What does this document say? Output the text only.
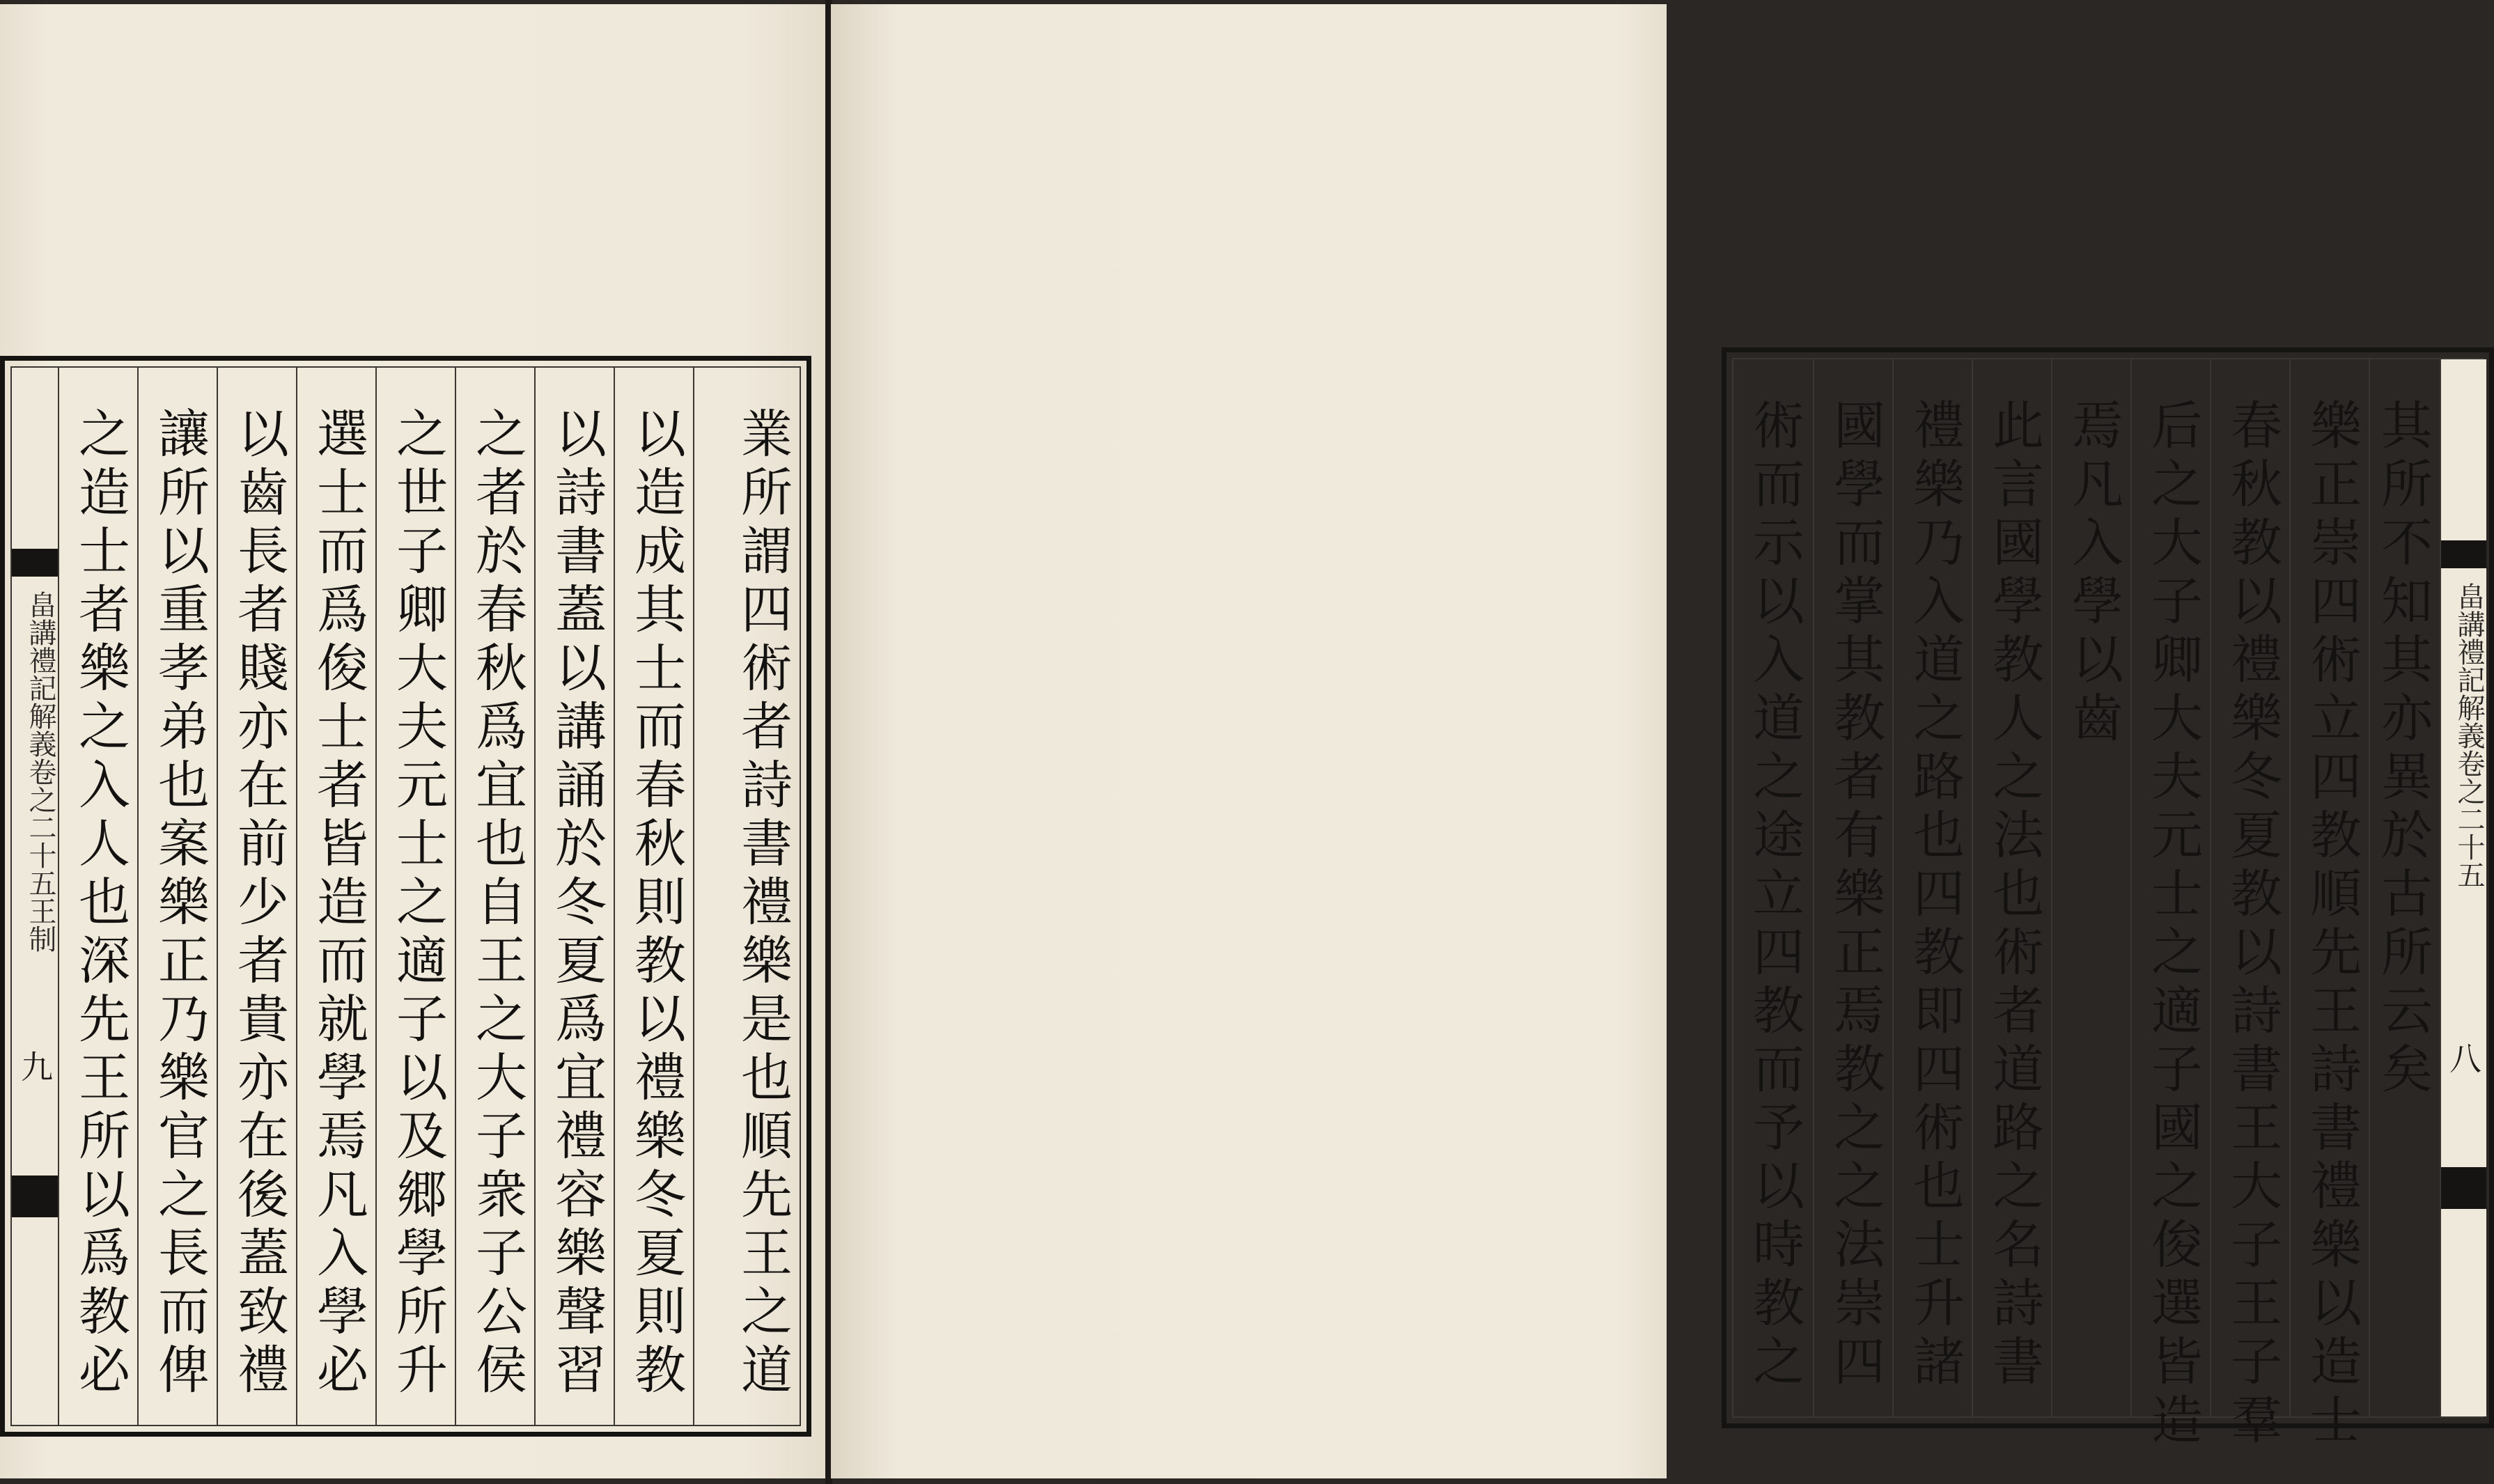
畠講禮記解義卷之二十五王制
九 之造士者樂之入人也深先王所以爲教必 讓所以重孝弟也案樂正乃樂官之長而俾 以齒長者賤亦在前少者貴亦在後蓋致禮 選士而爲俊士者皆造而就學焉凡入學必 之世子卿大夫元士之適子以及郷學所升 之者於春秋爲宜也自王之大子衆子公侯 以詩書蓋以講誦於冬夏爲宜禮容樂聲習 以造成其士而春秋則教以禮樂冬夏則教 業所謂四術者詩書禮樂是也順先王之道	術而示以入道之途立四教而予以時教之 國學而掌其教者有樂正焉教之之法崇四 禮樂乃入道之路也四教即四術也士升諸 此言國學教人之法也術者道路之名詩書 焉凡入學以齒 后之大子卿大夫元士之適子國之俊選皆造 春秋教以禮樂冬夏教以詩書王大子王子羣 樂正崇四術立四教順先王詩書禮樂以造士 其所不知其亦異於古所云矣 畠講禮記解義卷之二十五
八
